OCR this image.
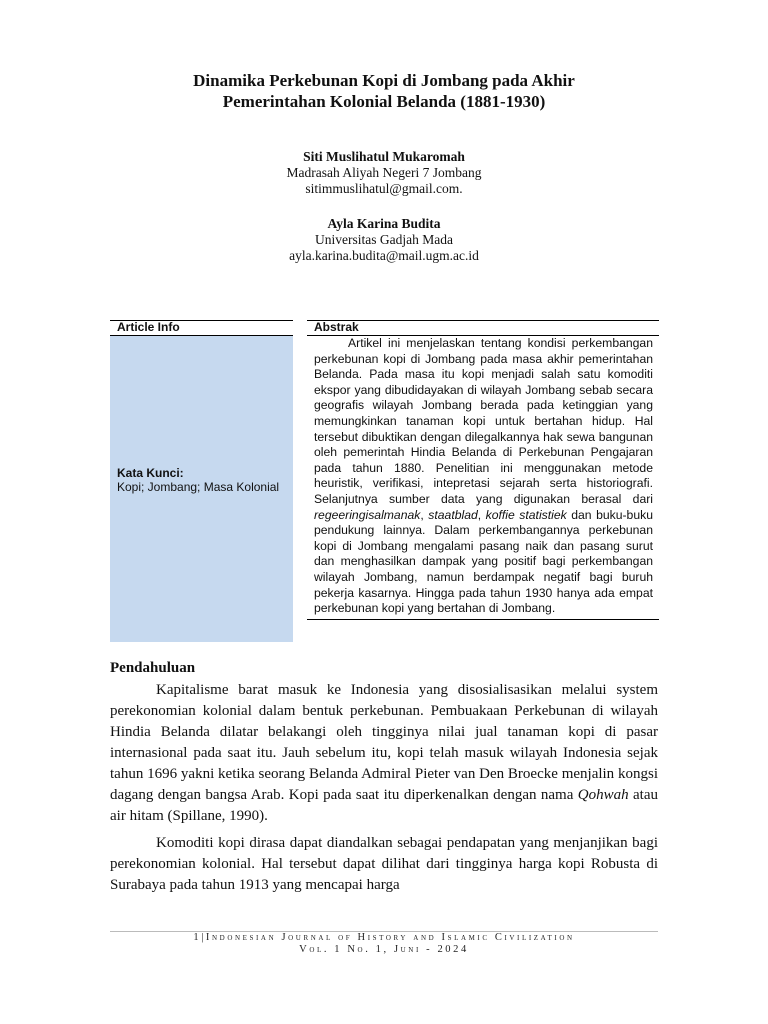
Dinamika Perkebunan Kopi di Jombang pada Akhir
Pemerintahan Kolonial Belanda (1881-1930)
Siti Muslihatul Mukaromah
Madrasah Aliyah Negeri 7 Jombang
sitimmuslihatul@gmail.com.
Ayla Karina Budita
Universitas Gadjah Mada
ayla.karina.budita@mail.ugm.ac.id
Article Info
Kata Kunci:
Kopi; Jombang; Masa Kolonial
Abstrak

Artikel ini menjelaskan tentang kondisi perkembangan perkebunan kopi di Jombang pada masa akhir pemerintahan Belanda. Pada masa itu kopi menjadi salah satu komoditi ekspor yang dibudidayakan di wilayah Jombang sebab secara geografis wilayah Jombang berada pada ketinggian yang memungkinkan tanaman kopi untuk bertahan hidup. Hal tersebut dibuktikan dengan dilegalkannya hak sewa bangunan oleh pemerintah Hindia Belanda di Perkebunan Pengajaran pada tahun 1880. Penelitian ini menggunakan metode heuristik, verifikasi, intepretasi sejarah serta historiografi. Selanjutnya sumber data yang digunakan berasal dari regeeringisalmanak, staatblad, koffie statistiek dan buku-buku pendukung lainnya. Dalam perkembangannya perkebunan kopi di Jombang mengalami pasang naik dan pasang surut dan menghasilkan dampak yang positif bagi perkembangan wilayah Jombang, namun berdampak negatif bagi buruh pekerja kasarnya. Hingga pada tahun 1930 hanya ada empat perkebunan kopi yang bertahan di Jombang.

Pendahuluan

Kapitalisme barat masuk ke Indonesia yang disosialisasikan melalui system perekonomian kolonial dalam bentuk perkebunan. Pembuakaan Perkebunan di wilayah Hindia Belanda dilatar belakangi oleh tingginya nilai jual tanaman kopi di pasar internasional pada saat itu. Jauh sebelum itu, kopi telah masuk wilayah Indonesia sejak tahun 1696 yakni ketika seorang Belanda Admiral Pieter van Den Broecke menjalin kongsi dagang dengan bangsa Arab. Kopi pada saat itu diperkenalkan dengan nama Qohwah atau air hitam (Spillane, 1990).

Komoditi kopi dirasa dapat diandalkan sebagai pendapatan yang menjanjikan bagi perekonomian kolonial. Hal tersebut dapat dilihat dari tingginya harga kopi Robusta di Surabaya pada tahun 1913 yang mencapai harga

1|Indonesian Journal of History and Islamic Civilization
Vol. 1 No. 1, Juni - 2024
